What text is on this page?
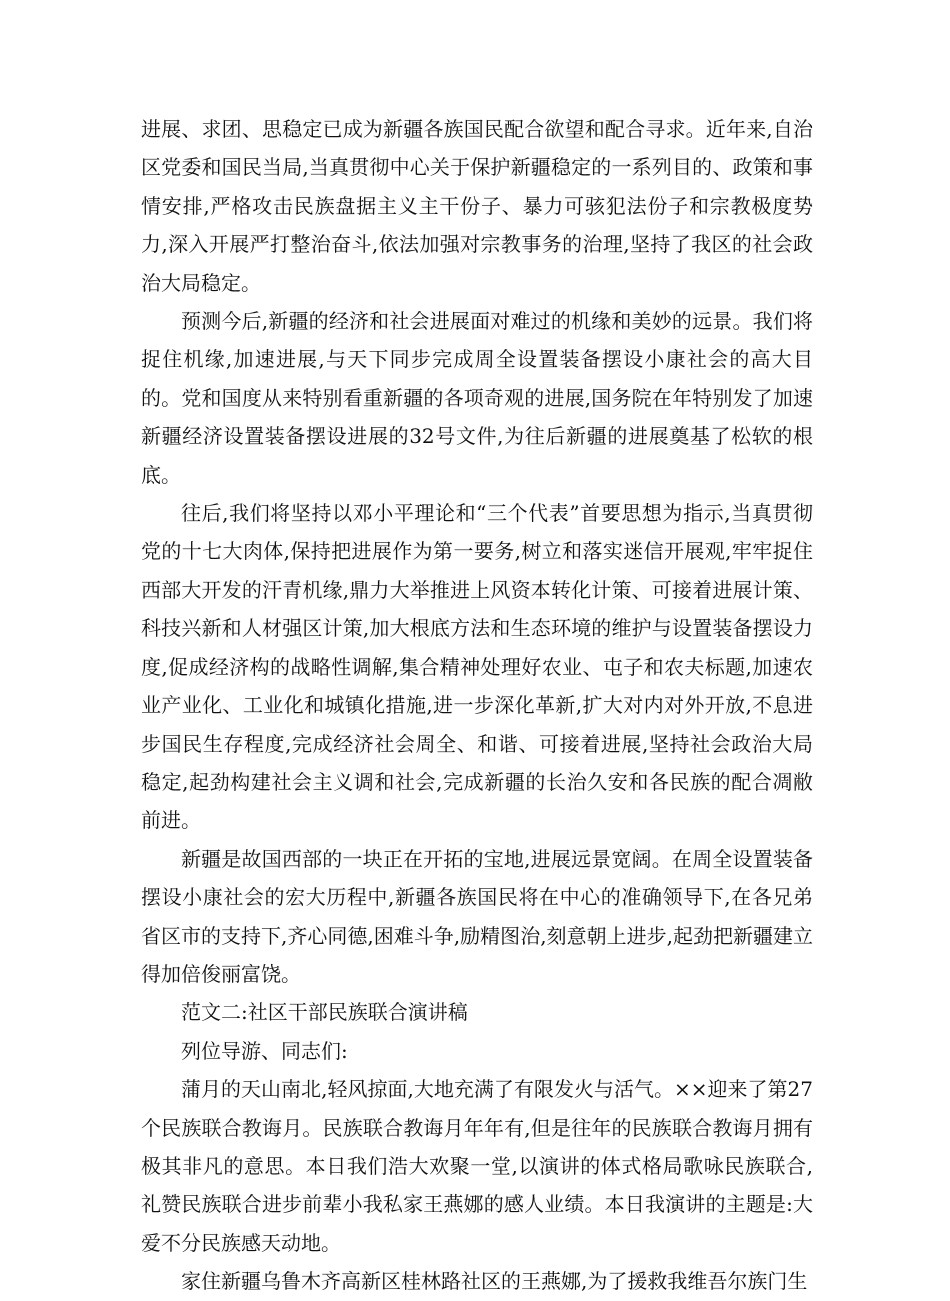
进展、求团、思稳定已成为新疆各族国民配合欲望和配合寻求。近年来,自治区党委和国民当局,当真贯彻中心关于保护新疆稳定的一系列目的、政策和事情安排,严格攻击民族盘据主义主干份子、暴力可骇犯法份子和宗教极度势力,深入开展严打整治奋斗,依法加强对宗教事务的治理,坚持了我区的社会政治大局稳定。

预测今后,新疆的经济和社会进展面对难过的机缘和美妙的远景。我们将捉住机缘,加速进展,与天下同步完成周全设置装备摆设小康社会的高大目的。党和国度从来特别看重新疆的各项奇观的进展,国务院在年特别发了加速新疆经济设置装备摆设进展的32号文件,为往后新疆的进展奠基了松软的根底。

往后,我们将坚持以邓小平理论和“三个代表”首要思想为指示,当真贯彻党的十七大肉体,保持把进展作为第一要务,树立和落实迷信开展观,牢牢捉住西部大开发的汗青机缘,鼎力大举推进上风资本转化计策、可接着进展计策、科技兴新和人材强区计策,加大根底方法和生态环境的维护与设置装备摆设力度,促成经济构的战略性调解,集合精神处理好农业、屯子和农夫标题,加速农业产业化、工业化和城镇化措施,进一步深化革新,扩大对内对外开放,不息进步国民生存程度,完成经济社会周全、和谐、可接着进展,坚持社会政治大局稳定,起劲构建社会主义调和社会,完成新疆的长治久安和各民族的配合凋敝前进。

新疆是故国西部的一块正在开拓的宝地,进展远景宽阔。在周全设置装备摆设小康社会的宏大历程中,新疆各族国民将在中心的准确领导下,在各兄弟省区市的支持下,齐心同德,困难斗争,励精图治,刻意朝上进步,起劲把新疆建立得加倍俊丽富饶。

范文二:社区干部民族联合演讲稿

列位导游、同志们:

蒲月的天山南北,轻风掠面,大地充满了有限发火与活气。××迎来了第27个民族联合教诲月。民族联合教诲月年年有,但是往年的民族联合教诲月拥有极其非凡的意思。本日我们浩大欢聚一堂,以演讲的体式格局歌咏民族联合,礼赞民族联合进步前辈小我私家王燕娜的感人业绩。本日我演讲的主题是:大爱不分民族感天动地。

家住新疆乌鲁木齐高新区桂林路社区的王燕娜,为了援救我维吾尔族门生
